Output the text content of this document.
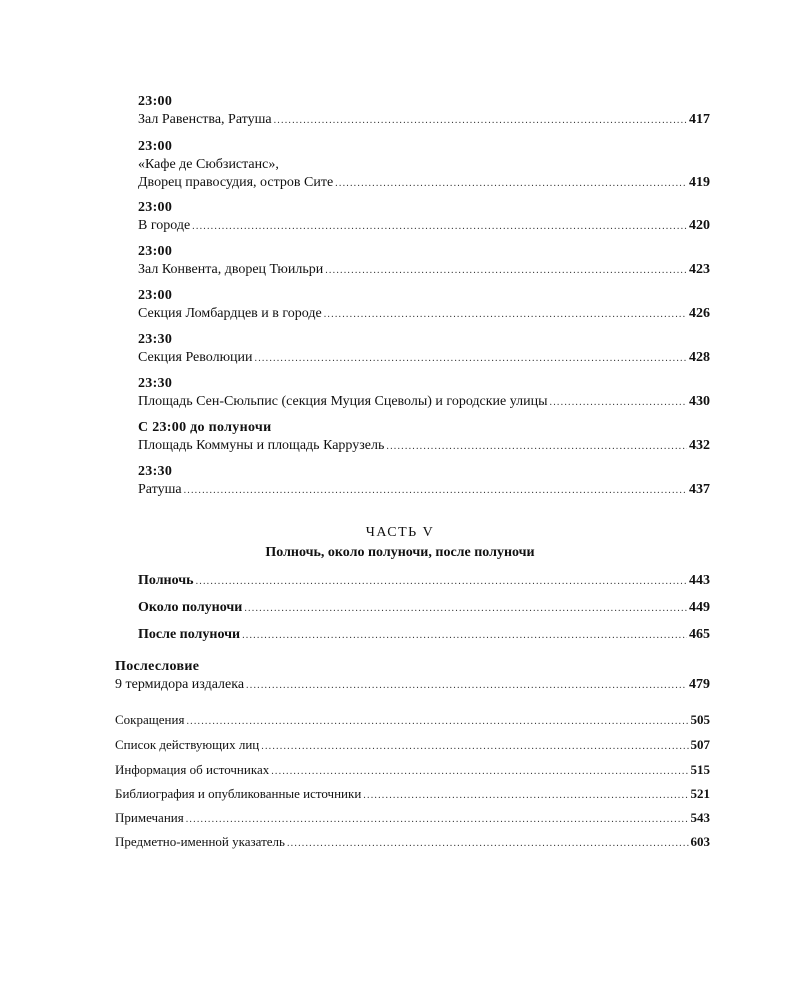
23:00
Зал Равенства, Ратуша .....	417
23:00
«Кафе де Сюбзистанс»,
Дворец правосудия, остров Сите .....	419
23:00
В городе .....	420
23:00
Зал Конвента, дворец Тюильри .....	423
23:00
Секция Ломбардцев и в городе .....	426
23:30
Секция Революции .....	428
23:30
Площадь Сен-Сюльпис (секция Муция Сцеволы) и городские улицы .....	430
С 23:00 до полуночи
Площадь Коммуны и площадь Каррузель .....	432
23:30
Ратуша .....	437
ЧАСТЬ V
Полночь, около полуночи, после полуночи
Полночь .....	443
Около полуночи .....	449
После полуночи .....	465
Послесловие
9 термидора издалека .....	479
Сокращения .....	505
Список действующих лиц .....	507
Информация об источниках .....	515
Библиография и опубликованные источники .....	521
Примечания .....	543
Предметно-именной указатель .....	603
